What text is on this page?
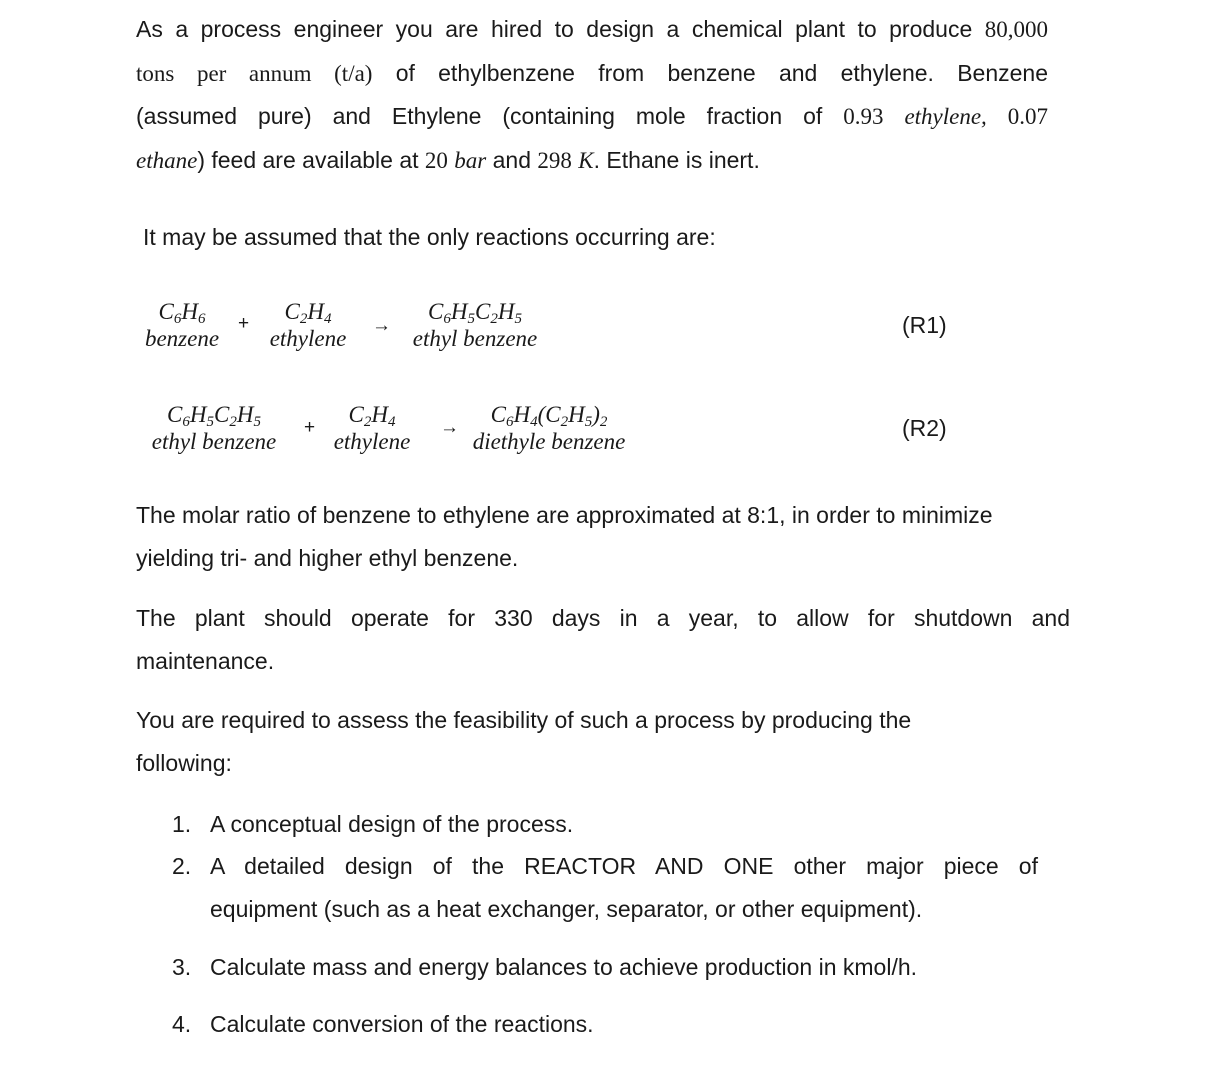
As a process engineer you are hired to design a chemical plant to produce 80,000
tons per annum (t/a) of ethylbenzene from benzene and ethylene. Benzene
(assumed pure) and Ethylene (containing mole fraction of 0.93 ethylene, 0.07
ethane) feed are available at 20 bar and 298 K. Ethane is inert.
It may be assumed that the only reactions occurring are:
$C_6H_6$
benzene
+	$C_2H_4$
ethylene
→
$C_6H_5C_2H_5$
ethyl benzene
(R1)
$C_6H_5C_2H_5$
ethyl benzene
+
$C_2H_4$
ethylene
→
$C_6H_4(C_2H_5)_2$
diethyle benzene
(R2)
The molar ratio of benzene to ethylene are approximated at 8:1, in order to minimize
yielding tri- and higher ethyl benzene.
The plant should operate for 330 days in a year, to allow for shutdown and
maintenance.
You are required to assess the feasibility of such a process by producing the
following:
1. A conceptual design of the process.
2. A detailed design of the REACTOR AND ONE other major piece of
equipment (such as a heat exchanger, separator, or other equipment).
3. Calculate mass and energy balances to achieve production in kmol/h.
4. Calculate conversion of the reactions.
